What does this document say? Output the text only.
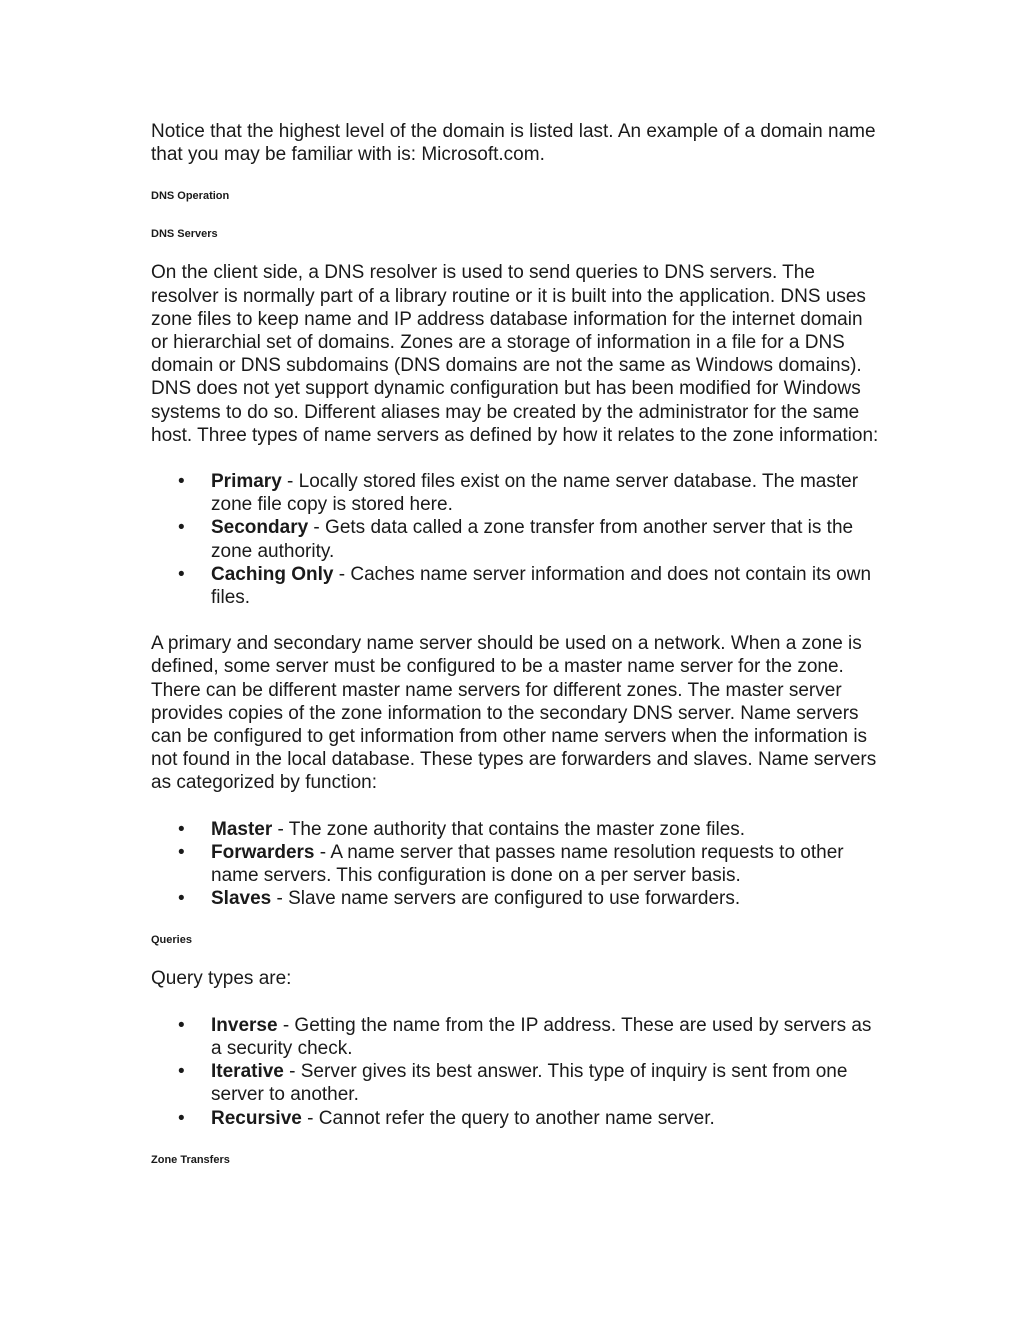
Notice that the highest level of the domain is listed last. An example of a domain name that you may be familiar with is: Microsoft.com.

DNS Operation

DNS Servers

On the client side, a DNS resolver is used to send queries to DNS servers. The resolver is normally part of a library routine or it is built into the application. DNS uses zone files to keep name and IP address database information for the internet domain or hierarchial set of domains. Zones are a storage of information in a file for a DNS domain or DNS subdomains (DNS domains are not the same as Windows domains). DNS does not yet support dynamic configuration but has been modified for Windows systems to do so. Different aliases may be created by the administrator for the same host. Three types of name servers as defined by how it relates to the zone information:

• Primary - Locally stored files exist on the name server database. The master zone file copy is stored here.
• Secondary - Gets data called a zone transfer from another server that is the zone authority.
• Caching Only - Caches name server information and does not contain its own files.

A primary and secondary name server should be used on a network. When a zone is defined, some server must be configured to be a master name server for the zone. There can be different master name servers for different zones. The master server provides copies of the zone information to the secondary DNS server. Name servers can be configured to get information from other name servers when the information is not found in the local database. These types are forwarders and slaves. Name servers as categorized by function:

• Master - The zone authority that contains the master zone files.
• Forwarders - A name server that passes name resolution requests to other name servers. This configuration is done on a per server basis.
• Slaves - Slave name servers are configured to use forwarders.

Queries

Query types are:

• Inverse - Getting the name from the IP address. These are used by servers as a security check.
• Iterative - Server gives its best answer. This type of inquiry is sent from one server to another.
• Recursive - Cannot refer the query to another name server.

Zone Transfers
